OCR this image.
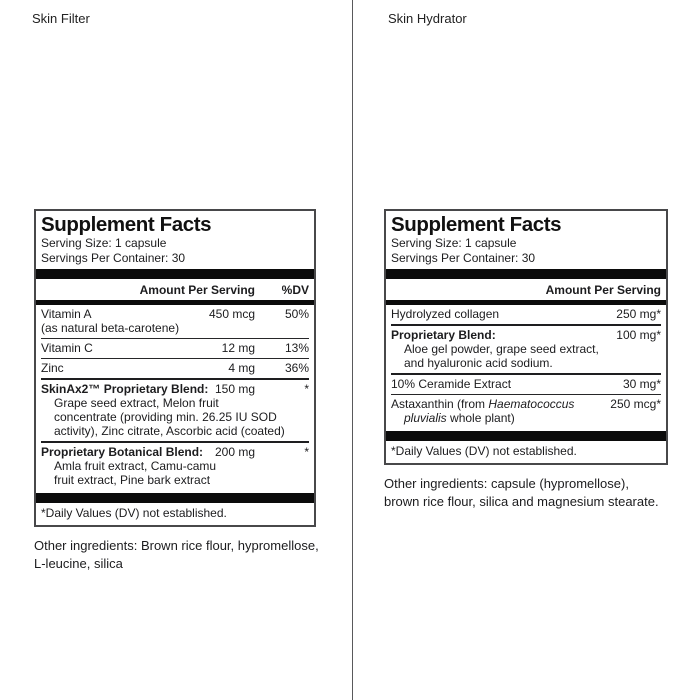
Skin Filter	Skin Hydrator
Supplement Facts
Serving Size: 1 capsule
Servings Per Container: 30
Amount Per Serving	%DV
Vitamin A	450 mcg	50%
(as natural beta-carotene)
Vitamin C	12 mg	13%
Zinc	4 mg	36%
SkinAx2™ Proprietary Blend: 150 mg	*
Grape seed extract, Melon fruit
concentrate (providing min. 26.25 IU SOD
activity), Zinc citrate, Ascorbic acid (coated)
Proprietary Botanical Blend: 200 mg	*
Amla fruit extract, Camu-camu
fruit extract, Pine bark extract
*Daily Values (DV) not established.
Other ingredients: Brown rice flour, hypromellose,
L-leucine, silica
Supplement Facts
Serving Size: 1 capsule
Servings Per Container: 30
Amount Per Serving
Hydrolyzed collagen	250 mg*
Proprietary Blend:	100 mg*
Aloe gel powder, grape seed extract,
and hyaluronic acid sodium.
10% Ceramide Extract	30 mg*
Astaxanthin (from Haematococcus	250 mcg*
pluvialis whole plant)
*Daily Values (DV) not established.
Other ingredients: capsule (hypromellose),
brown rice flour, silica and magnesium stearate.
